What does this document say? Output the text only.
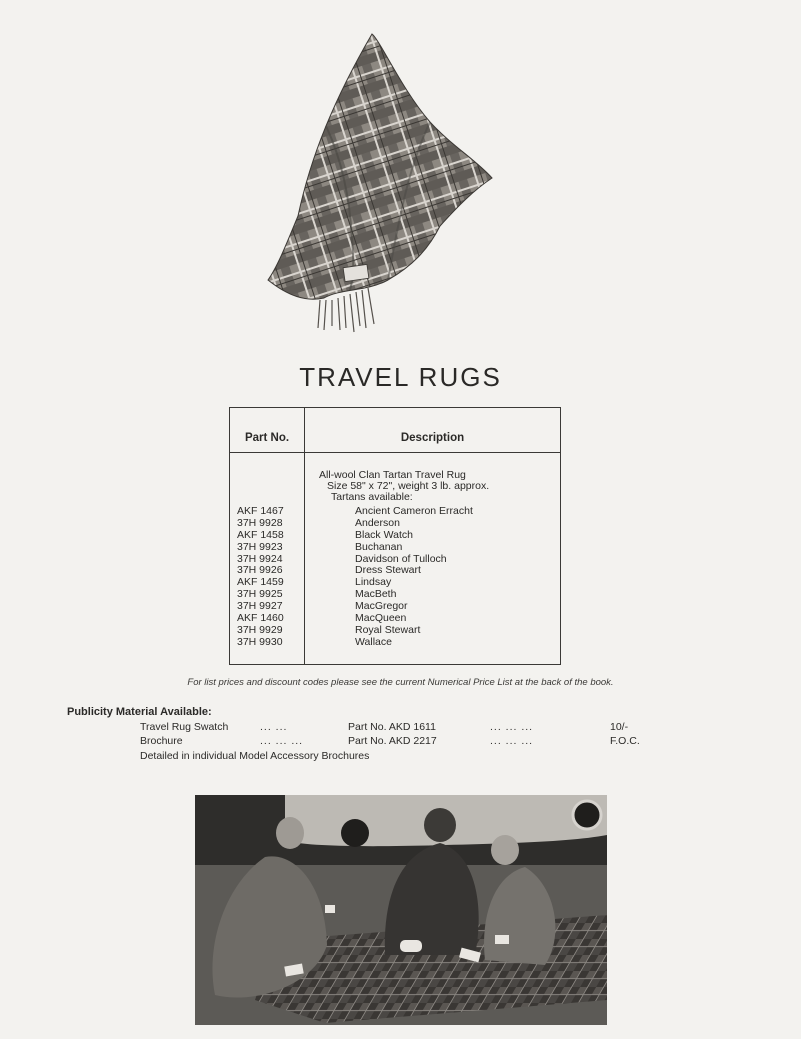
TRAVEL RUGS
Part No.	Description
All-wool Clan Tartan Travel Rug
Size 58" x 72", weight 3 lb. approx.
Tartans available:
AKF 1467	Ancient Cameron Erracht
37H 9928	Anderson
AKF 1458	Black Watch
37H 9923	Buchanan
37H 9924	Davidson of Tulloch
37H 9926	Dress Stewart
AKF 1459	Lindsay
37H 9925	MacBeth
37H 9927	MacGregor
AKF 1460	MacQueen
37H 9929	Royal Stewart
37H 9930	Wallace
For list prices and discount codes please see the current Numerical Price List at the back of the book.
Publicity Material Available:
Travel Rug Swatch	... ...	Part No. AKD 1611	... ... ...	10/-
Brochure	... ... ...	Part No. AKD 2217	... ... ...	F.O.C.
Detailed in individual Model Accessory Brochures
